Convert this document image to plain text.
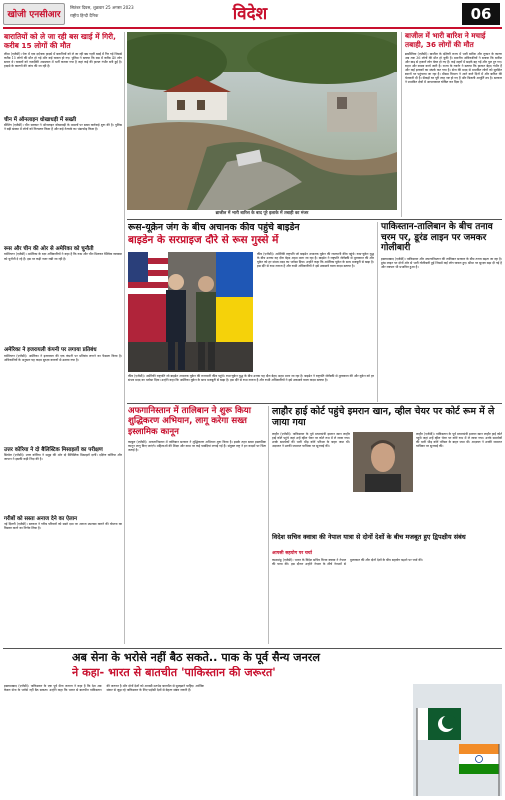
खोजी एनसीआर
सितंबर दिवस, शुक्रवार 25 अगस्त 2023
राष्ट्रीय हिन्दी दैनिक	विदेश	06
बारातियों को ले जा रही बस खाई में गिरी, करीब 15 लोगों की मौत
लीमा (एजेंसी)। पेरू में एक दर्दनाक हादसे में बारातियों को ले जा रही बस गहरी खाई में गिर गई जिससे करीब 15 लोगों की मौत हो गई और कई घायल हो गए। पुलिस ने बताया कि बस में करीब 40 लोग सवार थे। घायलों को नजदीकी अस्पताल में भर्ती कराया गया है जहां कई की हालत गंभीर बनी हुई है। हादसे के कारणों की जांच की जा रही है।
चीन में ऑनलाइन धोखाधड़ी में सख्ती
बीजिंग (एजेंसी)। चीन सरकार ने ऑनलाइन धोखाधड़ी के मामलों पर सख्त कार्रवाई शुरू की है। पुलिस ने बड़ी संख्या में लोगों को गिरफ्तार किया है और कई नेटवर्क का भंडाफोड़ किया है।
रूस और चीन की ओर से अमेरिका को चुनौती
वाशिंगटन (एजेंसी)। अमेरिका के रक्षा अधिकारियों ने कहा है कि रूस और चीन मिलकर वैश्विक व्यवस्था को चुनौती दे रहे हैं। इस पर कड़ी नजर रखी जा रही है।
अमेरिका ने इजरायली कंपनी पर लगाया प्रतिबंध
वाशिंगटन (एजेंसी)। अमेरिका ने इजरायल की एक कंपनी पर प्रतिबंध लगाने का फैसला किया है। अधिकारियों के अनुसार यह कदम सुरक्षा कारणों से उठाया गया है।
उत्तर कोरिया ने दो बैलिस्टिक मिसाइलों का परीक्षण
सियोल (एजेंसी)। उत्तर कोरिया ने समुद्र की ओर दो बैलिस्टिक मिसाइलें दागीं। दक्षिण कोरिया और जापान ने इसकी कड़ी निंदा की है।
गरीबों को सस्ता अनाज देने का ऐलान
नई दिल्ली (एजेंसी)। सरकार ने गरीब परिवारों को सस्ते दाम पर अनाज उपलब्ध कराने की योजना का विस्तार करने का निर्णय लिया है।
ब्राजील में भारी बारिश के बाद पूरे इलाके में तबाही का मंजर
बाजील में भारी बारिश ने मचाई तबाही, 36 लोगों की मौत
ब्रासीलिया (एजेंसी)। बाजील के दक्षिणी राज्य में भारी बारिश और तूफान के कारण अब तक 36 लोगों की मौत हो चुकी है। स्थानीय अधिकारियों ने बताया कि बारिश और बाढ़ से हजारों लोग बेघर हो गए हैं। कई शहरों में सड़कें बह गईं और पुल टूट गए। राहत और बचाव कार्य जारी है। राज्य के गवर्नर ने बताया कि हालात बेहद गंभीर हैं और कई इलाकों का संपर्क कट गया है। सेना की मदद से प्रभावित लोगों को सुरक्षित स्थानों पर पहुंचाया जा रहा है। मौसम विभाग ने आने वाले दिनों में और बारिश की चेतावनी दी है। सैकड़ों घर पूरी तरह नष्ट हो गए हैं और बिजली आपूर्ति ठप है। सरकार ने प्रभावित क्षेत्रों में आपातकाल घोषित कर दिया है।
रूस-यूक्रेन जंग के बीच अचानक कीव पहुंचे बाइडेन
बाइडेन के सरप्राइज दौरे से रूस गुस्से में
कीव (एजेंसी)। अमेरिकी राष्ट्रपति जो बाइडेन अचानक यूक्रेन की राजधानी कीव पहुंचे। रूस-यूक्रेन युद्ध के बीच उनका यह दौरा बेहद अहम माना जा रहा है। बाइडेन ने राष्ट्रपति जेलेंस्की से मुलाकात की और यूक्रेन को हर संभव मदद का भरोसा दिया। उन्होंने कहा कि अमेरिका यूक्रेन के साथ मजबूती से खड़ा है। इस दौरे से रूस नाराज है और रूसी अधिकारियों ने इसे उकसावे वाला कदम बताया है।
कीव (एजेंसी)। अमेरिकी राष्ट्रपति जो बाइडेन अचानक यूक्रेन की राजधानी कीव पहुंचे। रूस-यूक्रेन युद्ध के बीच उनका यह दौरा बेहद अहम माना जा रहा है। बाइडेन ने राष्ट्रपति जेलेंस्की से मुलाकात की और यूक्रेन को हर संभव मदद का भरोसा दिया। उन्होंने कहा कि अमेरिका यूक्रेन के साथ मजबूती से खड़ा है। इस दौरे से रूस नाराज है और रूसी अधिकारियों ने इसे उकसावे वाला कदम बताया है।
पाकिस्तान-तालिबान के बीच तनाव चरम पर, डूरंड लाइन पर जमकर गोलीबारी
इस्लामाबाद (एजेंसी)। पाकिस्तान और अफगानिस्तान की तालिबान सरकार के बीच तनाव बढ़ता जा रहा है। डूरंड लाइन पर दोनों ओर से भारी गोलीबारी हुई जिसमें कई लोग घायल हुए। सीमा पर सुरक्षा बढ़ा दी गई है और व्यापार भी प्रभावित हुआ है।
अफगानिस्तान में तालिबान ने शुरू किया शुद्धिकरण अभियान, लागू करेगा सख्त इस्लामिक कानून
काबुल (एजेंसी)। अफगानिस्तान में तालिबान सरकार ने शुद्धिकरण अभियान शुरू किया है। इसके तहत सख्त इस्लामिक कानून लागू किए जाएंगे। महिलाओं की शिक्षा और काम पर कई पाबंदियां लगाई गई हैं। संयुक्त राष्ट्र ने इन कदमों पर चिंता जताई है।
लाहौर हाई कोर्ट पहुंचे इमरान खान, व्हील चेयर पर कोर्ट रूम में ले जाया गया
लाहौर (एजेंसी)। पाकिस्तान के पूर्व प्रधानमंत्री इमरान खान लाहौर हाई कोर्ट पहुंचे जहां उन्हें व्हील चेयर पर कोर्ट रूम में ले जाया गया। उनके समर्थकों की भारी भीड़ कोर्ट परिसर के बाहर जमा थी। अदालत ने उनकी जमानत याचिका पर सुनवाई की।
लाहौर (एजेंसी)। पाकिस्तान के पूर्व प्रधानमंत्री इमरान खान लाहौर हाई कोर्ट पहुंचे जहां उन्हें व्हील चेयर पर कोर्ट रूम में ले जाया गया। उनके समर्थकों की भारी भीड़ कोर्ट परिसर के बाहर जमा थी। अदालत ने उनकी जमानत याचिका पर सुनवाई की।
विदेश सचिव क्वात्रा की नेपाल यात्रा से दोनों देशों के बीच मजबूत हुए द्विपक्षीय संबंध
आपसी सहयोग पर चर्चा
काठमांडू (एजेंसी)। भारत के विदेश सचिव विनय क्वात्रा ने नेपाल की यात्रा की। इस दौरान उन्होंने नेपाल के शीर्ष नेताओं से मुलाकात की और दोनों देशों के बीच सहयोग बढ़ाने पर चर्चा की।
अब सेना के भरोसे नहीं बैठ सकते.. पाक के पूर्व सैन्य जनरल
ने कहा- भारत से बातचीत 'पाकिस्तान की जरूरत'
इस्लामाबाद (एजेंसी)। पाकिस्तान के एक पूर्व सैन्य जनरल ने कहा है कि देश अब केवल सेना के भरोसे नहीं बैठ सकता। उन्होंने कहा कि भारत से बातचीत पाकिस्तान की जरूरत है और दोनों देशों को आपसी मतभेद बातचीत से सुलझाने चाहिए। आर्थिक संकट से जूझ रहे पाकिस्तान के लिए पड़ोसी देशों से बेहतर संबंध जरूरी हैं।
